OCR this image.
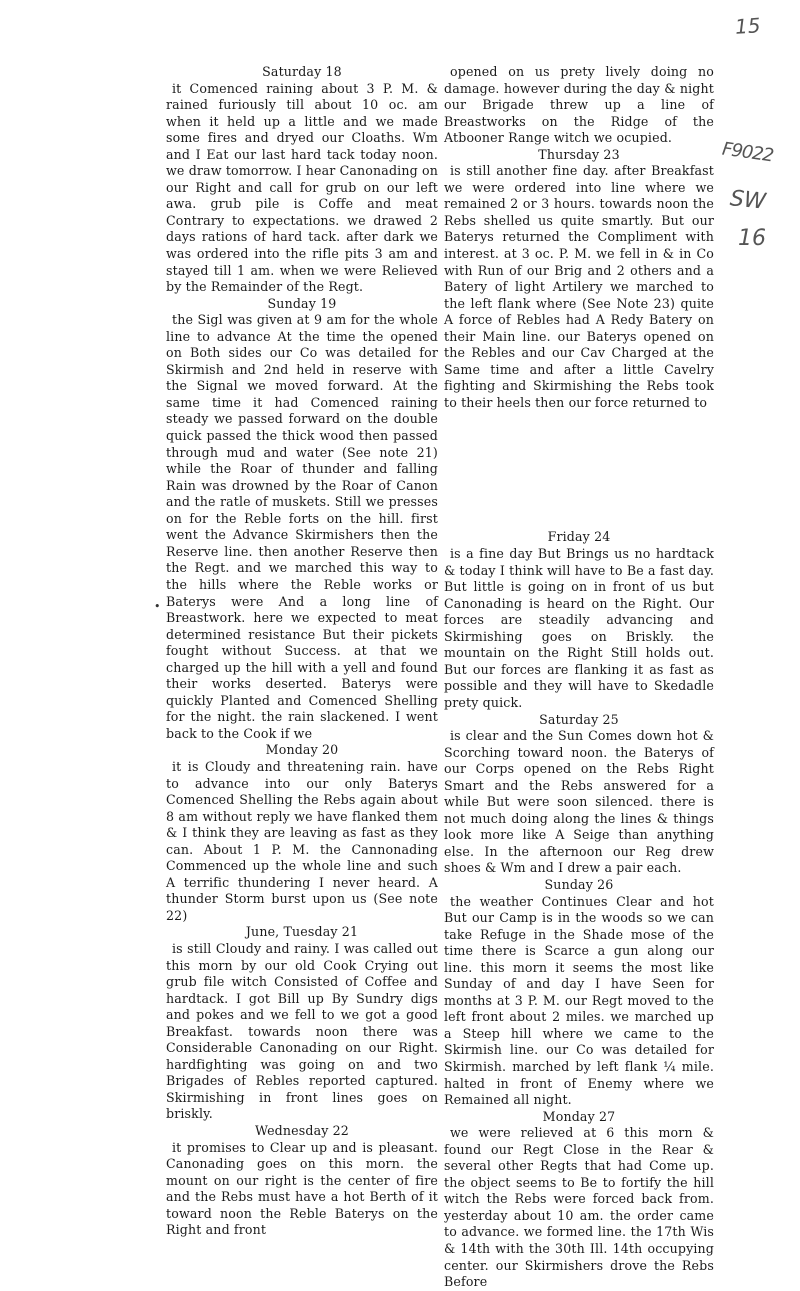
15
F9022
SW
16
•
Saturday 18

it Comenced raining about 3 P. M. & rained furiously till about 10 oc. am when it held up a little and we made some fires and dryed our Cloaths. Wm and I Eat our last hard tack today noon. we draw tomorrow. I hear Canonading on our Right and call for grub on our left awa. grub pile is Coffe and meat Contrary to expectations. we drawed 2 days rations of hard tack. after dark we was ordered into the rifle pits 3 am and stayed till 1 am. when we were Relieved by the Remainder of the Regt.

Sunday 19

the Sigl was given at 9 am for the whole line to advance At the time the opened on Both sides our Co was detailed for Skirmish and 2nd held in reserve with the Signal we moved forward. At the same time it had Comenced raining steady we passed forward on the double quick passed the thick wood then passed through mud and water (See note 21) while the Roar of thunder and falling Rain was drowned by the Roar of Canon and the ratle of muskets. Still we presses on for the Reble forts on the hill. first went the Advance Skirmishers then the Reserve line. then another Reserve then the Regt. and we marched this way to the hills where the Reble works or Baterys were And a long line of Breastwork. here we expected to meat determined resistance But their pickets fought without Success. at that we charged up the hill with a yell and found their works deserted. Baterys were quickly Planted and Comenced Shelling for the night. the rain slackened. I went back to the Cook if we

Monday 20

it is Cloudy and threatening rain. have to advance into our only Baterys Comenced Shelling the Rebs again about 8 am without reply we have flanked them & I think they are leaving as fast as they can. About 1 P. M. the Cannonading Commenced up the whole line and such A terrific thundering I never heard. A thunder Storm burst upon us (See note 22)

June, Tuesday 21

is still Cloudy and rainy. I was called out this morn by our old Cook Crying out grub file witch Consisted of Coffee and hardtack. I got Bill up By Sundry digs and pokes and we fell to we got a good Breakfast. towards noon there was Considerable Canonading on our Right. hardfighting was going on and two Brigades of Rebles reported captured. Skirmishing in front lines goes on briskly.

Wednesday 22

it promises to Clear up and is pleasant. Canonading goes on this morn. the mount on our right is the center of fire and the Rebs must have a hot Berth of it toward noon the Reble Baterys on the Right and front

opened on us prety lively doing no damage. however during the day & night our Brigade threw up a line of Breastworks on the Ridge of the Atbooner Range witch we ocupied.

Thursday 23

is still another fine day. after Breakfast we were ordered into line where we remained 2 or 3 hours. towards noon the Rebs shelled us quite smartly. But our Baterys returned the Compliment with interest. at 3 oc. P. M. we fell in & in Co with Run of our Brig and 2 others and a Batery of light Artilery we marched to the left flank where (See Note 23) quite A force of Rebles had A Redy Batery on their Main line. our Baterys opened on the Rebles and our Cav Charged at the Same time and after a little Cavelry fighting and Skirmishing the Rebs took to their heels then our force returned to

Friday 24

is a fine day But Brings us no hardtack & today I think will have to Be a fast day. But little is going on in front of us but Canonading is heard on the Right. Our forces are steadily advancing and Skirmishing goes on Briskly. the mountain on the Right Still holds out. But our forces are flanking it as fast as possible and they will have to Skedadle prety quick.

Saturday 25

is clear and the Sun Comes down hot & Scorching toward noon. the Baterys of our Corps opened on the Rebs Right Smart and the Rebs answered for a while But were soon silenced. there is not much doing along the lines & things look more like A Seige than anything else. In the afternoon our Reg drew shoes & Wm and I drew a pair each.

Sunday 26

the weather Continues Clear and hot But our Camp is in the woods so we can take Refuge in the Shade mose of the time there is Scarce a gun along our line. this morn it seems the most like Sunday of and day I have Seen for months at 3 P. M. our Regt moved to the left front about 2 miles. we marched up a Steep hill where we came to the Skirmish line. our Co was detailed for Skirmish. marched by left flank ¼ mile. halted in front of Enemy where we Remained all night.

Monday 27

we were relieved at 6 this morn & found our Regt Close in the Rear & several other Regts that had Come up. the object seems to Be to fortify the hill witch the Rebs were forced back from. yesterday about 10 am. the order came to advance. we formed line. the 17th Wis & 14th with the 30th Ill. 14th occupying center. our Skirmishers drove the Rebs Before
